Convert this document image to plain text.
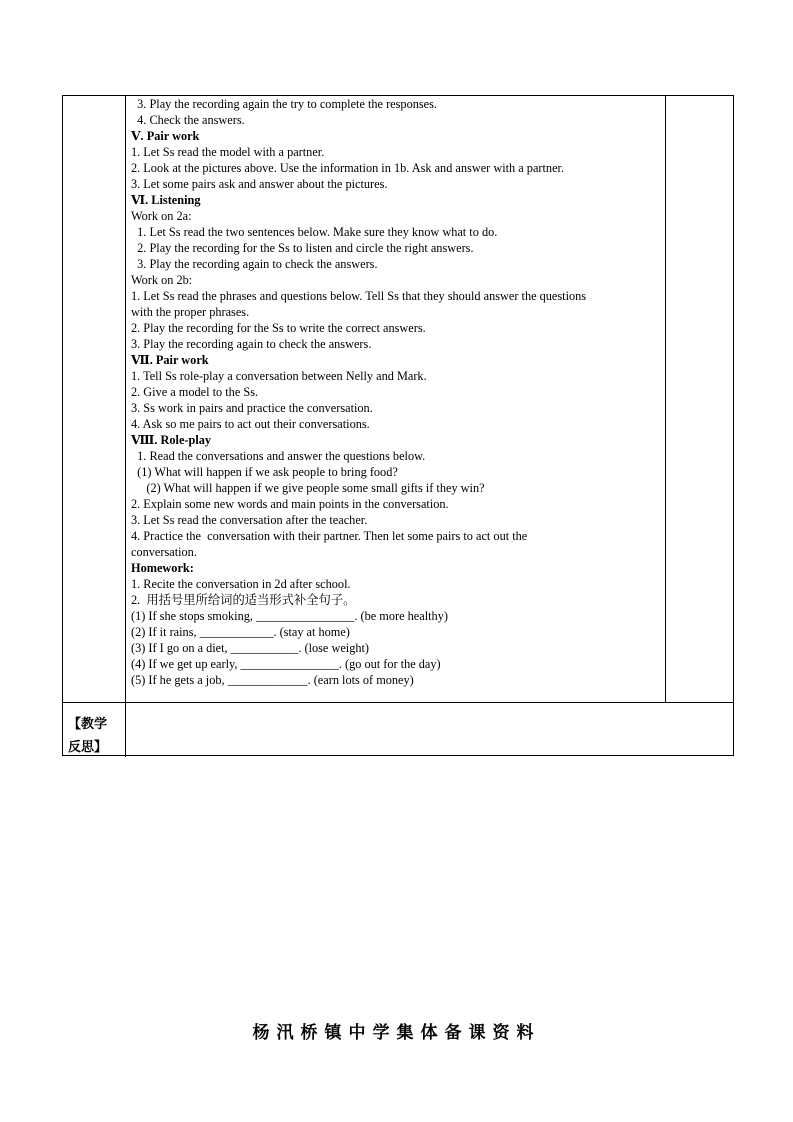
3. Play the recording again the try to complete the responses.
4. Check the answers.
Ⅴ. Pair work
1. Let Ss read the model with a partner.
2. Look at the pictures above. Use the information in 1b. Ask and answer with a partner.
3. Let some pairs ask and answer about the pictures.
Ⅵ. Listening
Work on 2a:
1. Let Ss read the two sentences below. Make sure they know what to do.
2. Play the recording for the Ss to listen and circle the right answers.
3. Play the recording again to check the answers.
Work on 2b:
1. Let Ss read the phrases and questions below. Tell Ss that they should answer the questions
with the proper phrases.
2. Play the recording for the Ss to write the correct answers.
3. Play the recording again to check the answers.
Ⅶ. Pair work
1. Tell Ss role-play a conversation between Nelly and Mark.
2. Give a model to the Ss.
3. Ss work in pairs and practice the conversation.
4. Ask so me pairs to act out their conversations.
Ⅷ. Role-play
1. Read the conversations and answer the questions below.
(1) What will happen if we ask people to bring food?
(2) What will happen if we give people some small gifts if they win?
2. Explain some new words and main points in the conversation.
3. Let Ss read the conversation after the teacher.
4. Practice the  conversation with their partner. Then let some pairs to act out the
conversation.
Homework:
1. Recite the conversation in 2d after school.
2.  用括号里所给词的适当形式补全句子。
(1) If she stops smoking, ________________. (be more healthy)
(2) If it rains, ____________. (stay at home)
(3) If I go on a diet, ___________. (lose weight)
(4) If we get up early, ________________. (go out for the day)
(5) If he gets a job, _____________. (earn lots of money)
【教学
反思】
杨汛桥镇中学集体备课资料
